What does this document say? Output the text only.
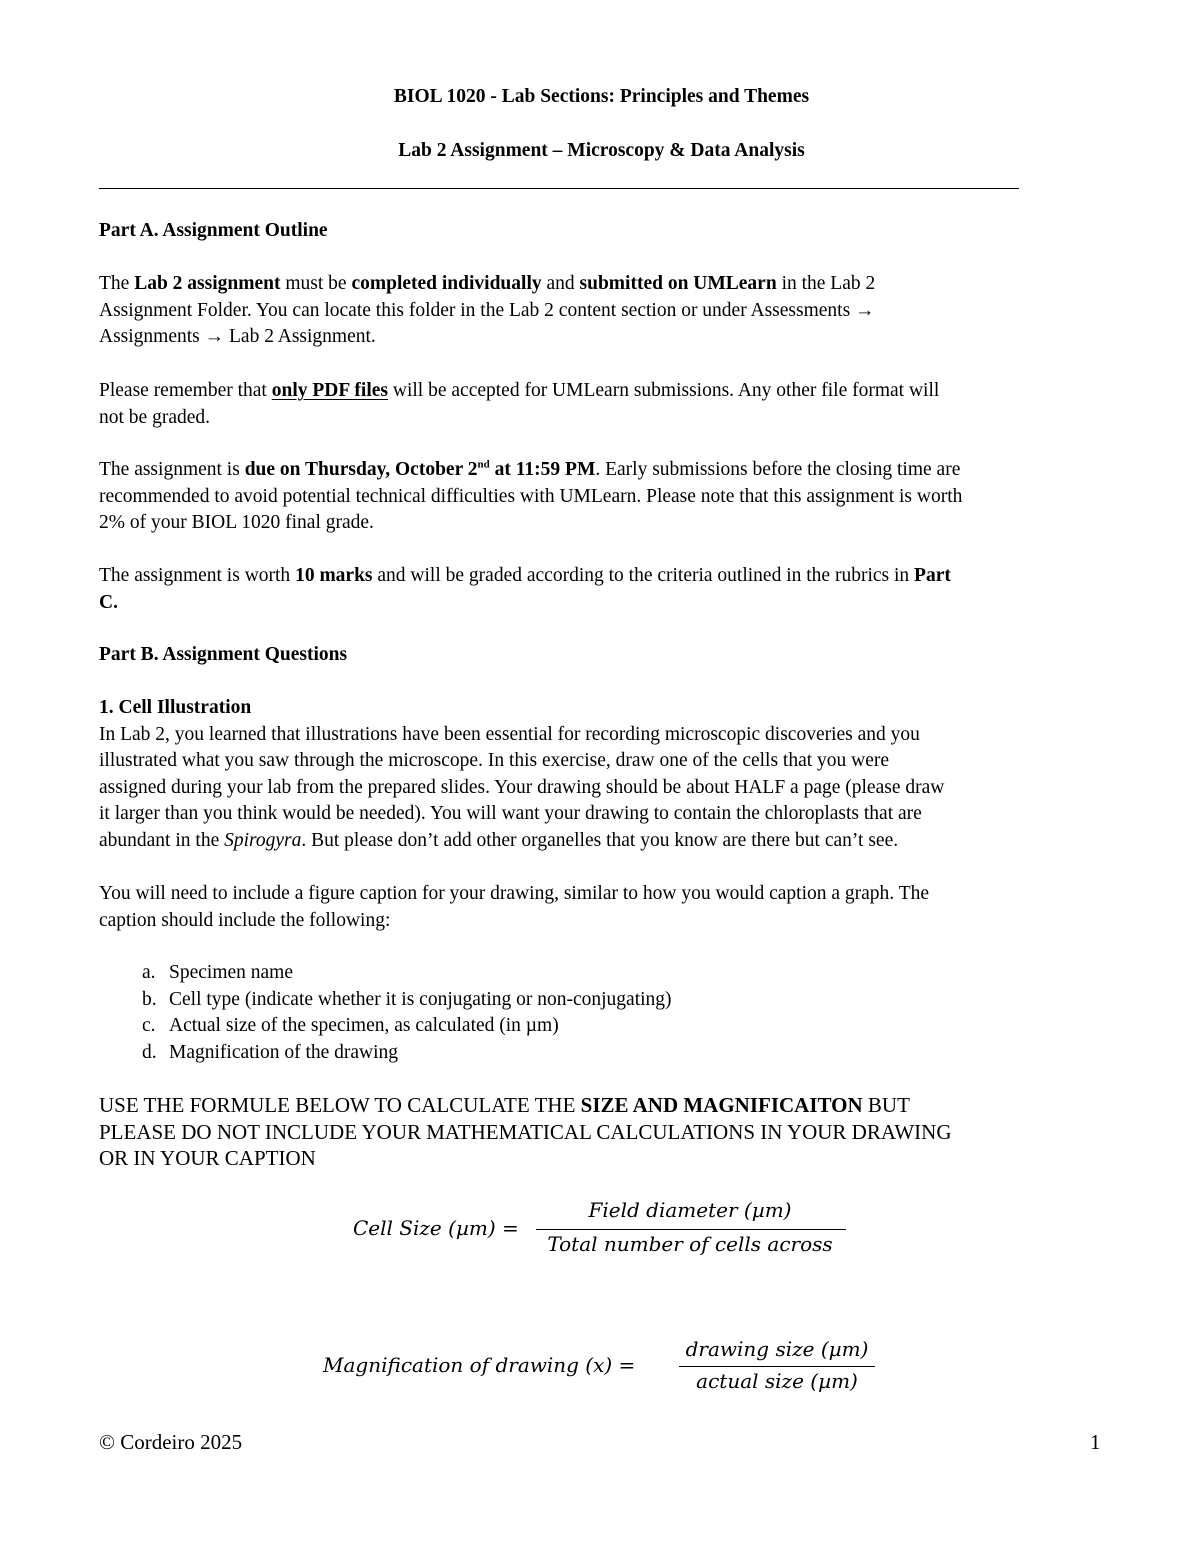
BIOL 1020 - Lab Sections: Principles and Themes
Lab 2 Assignment – Microscopy & Data Analysis
Part A. Assignment Outline
The Lab 2 assignment must be completed individually and submitted on UMLearn in the Lab 2
Assignment Folder. You can locate this folder in the Lab 2 content section or under Assessments →
Assignments → Lab 2 Assignment.
Please remember that only PDF files will be accepted for UMLearn submissions. Any other file format will
not be graded.
The assignment is due on Thursday, October 2nd at 11:59 PM. Early submissions before the closing time are
recommended to avoid potential technical difficulties with UMLearn. Please note that this assignment is worth
2% of your BIOL 1020 final grade.
The assignment is worth 10 marks and will be graded according to the criteria outlined in the rubrics in Part
C.
Part B. Assignment Questions
1. Cell Illustration
In Lab 2, you learned that illustrations have been essential for recording microscopic discoveries and you
illustrated what you saw through the microscope. In this exercise, draw one of the cells that you were
assigned during your lab from the prepared slides. Your drawing should be about HALF a page (please draw
it larger than you think would be needed). You will want your drawing to contain the chloroplasts that are
abundant in the Spirogyra. But please don’t add other organelles that you know are there but can’t see.
You will need to include a figure caption for your drawing, similar to how you would caption a graph. The
caption should include the following:
a. Specimen name
b. Cell type (indicate whether it is conjugating or non-conjugating)
c. Actual size of the specimen, as calculated (in µm)
d. Magnification of the drawing
USE THE FORMULE BELOW TO CALCULATE THE SIZE AND MAGNIFICAITON BUT
PLEASE DO NOT INCLUDE YOUR MATHEMATICAL CALCULATIONS IN YOUR DRAWING
OR IN YOUR CAPTION
Cell Size (µm) =
Field diameter (µm)
Total number of cells across
Magnification of drawing (x) =
drawing size (µm)
actual size (µm)
© Cordeiro 2025	1
